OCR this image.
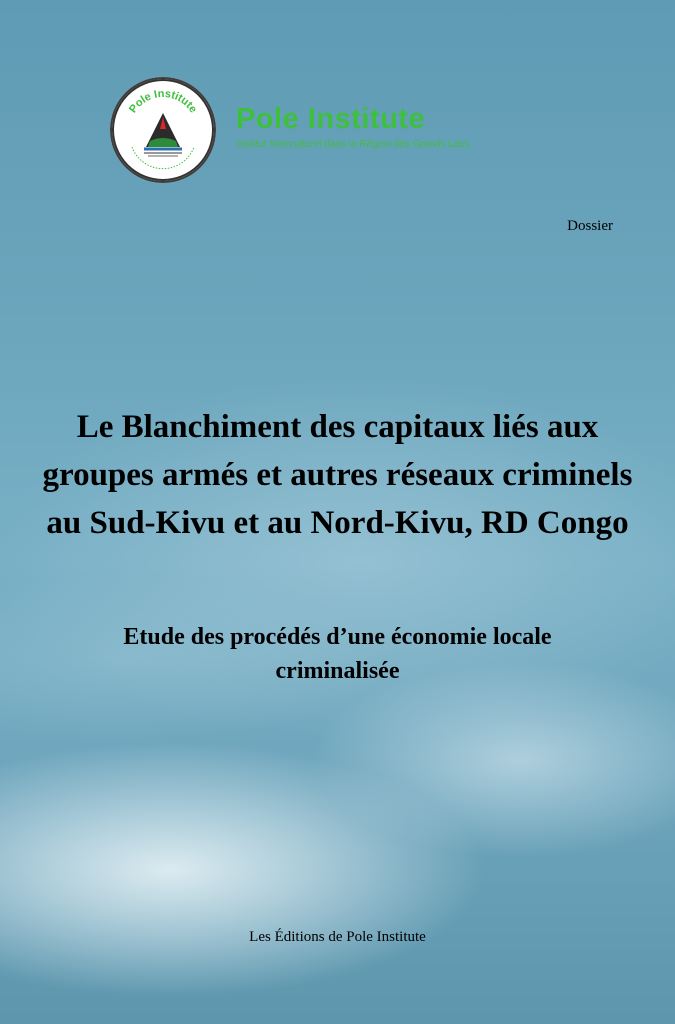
Pole Institute Pole Institute
Institut Interculturel dans la Région des Grands Lacs
Dossier
Le Blanchiment des capitaux liés aux groupes armés et autres réseaux criminels au Sud-Kivu et au Nord-Kivu, RD Congo
Etude des procédés d’une économie locale criminalisée
Les Éditions de Pole Institute
